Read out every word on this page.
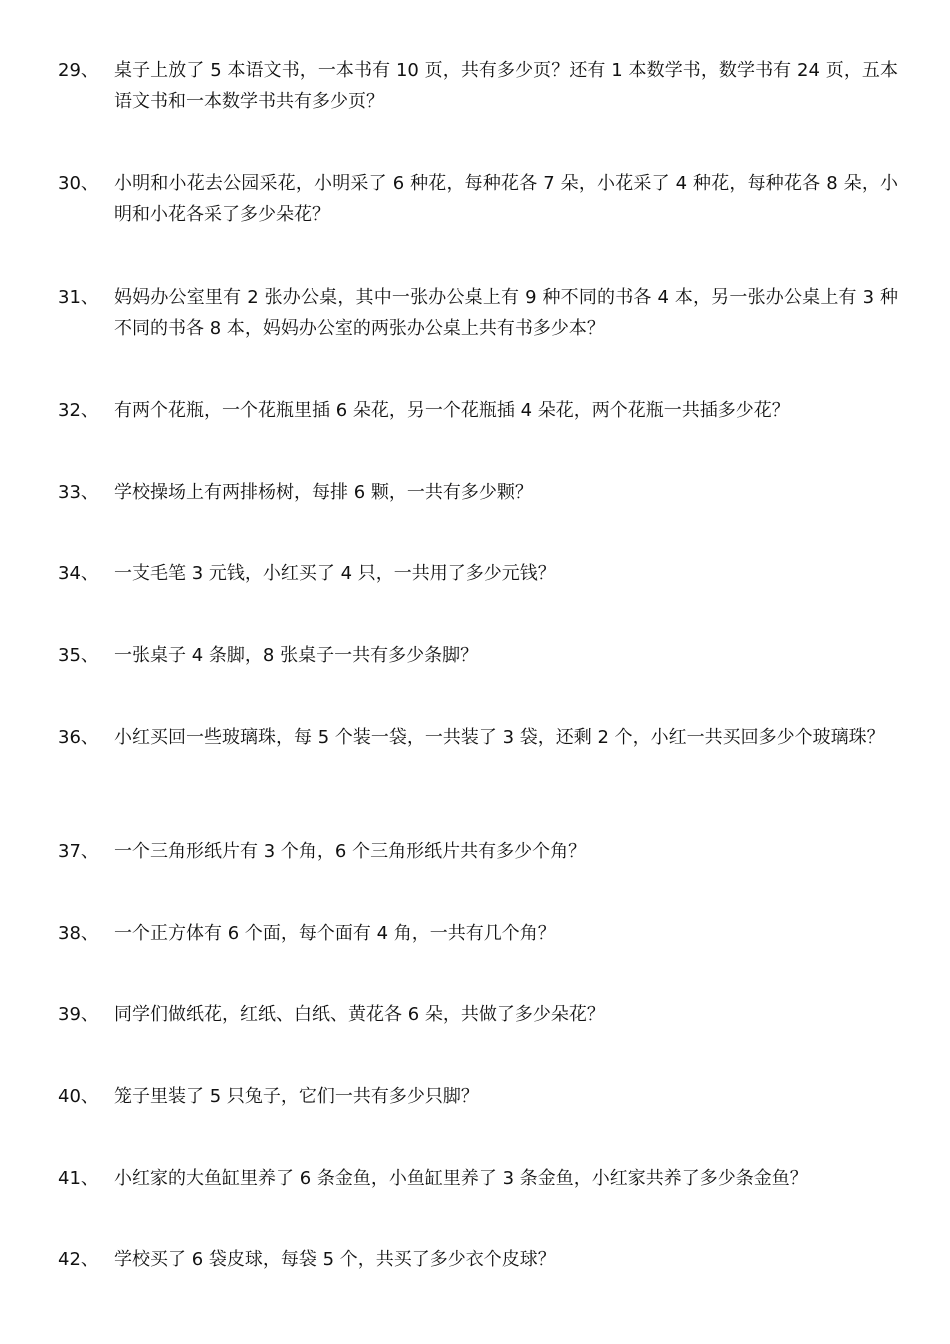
29、 桌子上放了 5 本语文书，一本书有 10 页，共有多少页？还有 1 本数学书，数学书有 24 页，五本语文书和一本数学书共有多少页？
30、 小明和小花去公园采花，小明采了 6 种花，每种花各 7 朵，小花采了 4 种花，每种花各 8 朵，小明和小花各采了多少朵花？
31、 妈妈办公室里有 2 张办公桌，其中一张办公桌上有 9 种不同的书各 4 本，另一张办公桌上有 3 种不同的书各 8 本，妈妈办公室的两张办公桌上共有书多少本？
32、 有两个花瓶，一个花瓶里插 6 朵花，另一个花瓶插 4 朵花，两个花瓶一共插多少花？
33、 学校操场上有两排杨树，每排 6 颗，一共有多少颗？
34、 一支毛笔 3 元钱，小红买了 4 只，一共用了多少元钱？
35、 一张桌子 4 条脚，8 张桌子一共有多少条脚？
36、 小红买回一些玻璃珠，每 5 个装一袋，一共装了 3 袋，还剩 2 个，小红一共买回多少个玻璃珠？
37、 一个三角形纸片有 3 个角，6 个三角形纸片共有多少个角？
38、 一个正方体有 6 个面，每个面有 4 角，一共有几个角？
39、 同学们做纸花，红纸、白纸、黄花各 6 朵，共做了多少朵花？
40、 笼子里装了 5 只兔子，它们一共有多少只脚？
41、 小红家的大鱼缸里养了 6 条金鱼，小鱼缸里养了 3 条金鱼，小红家共养了多少条金鱼？
42、 学校买了 6 袋皮球，每袋 5 个，共买了多少衣个皮球？
